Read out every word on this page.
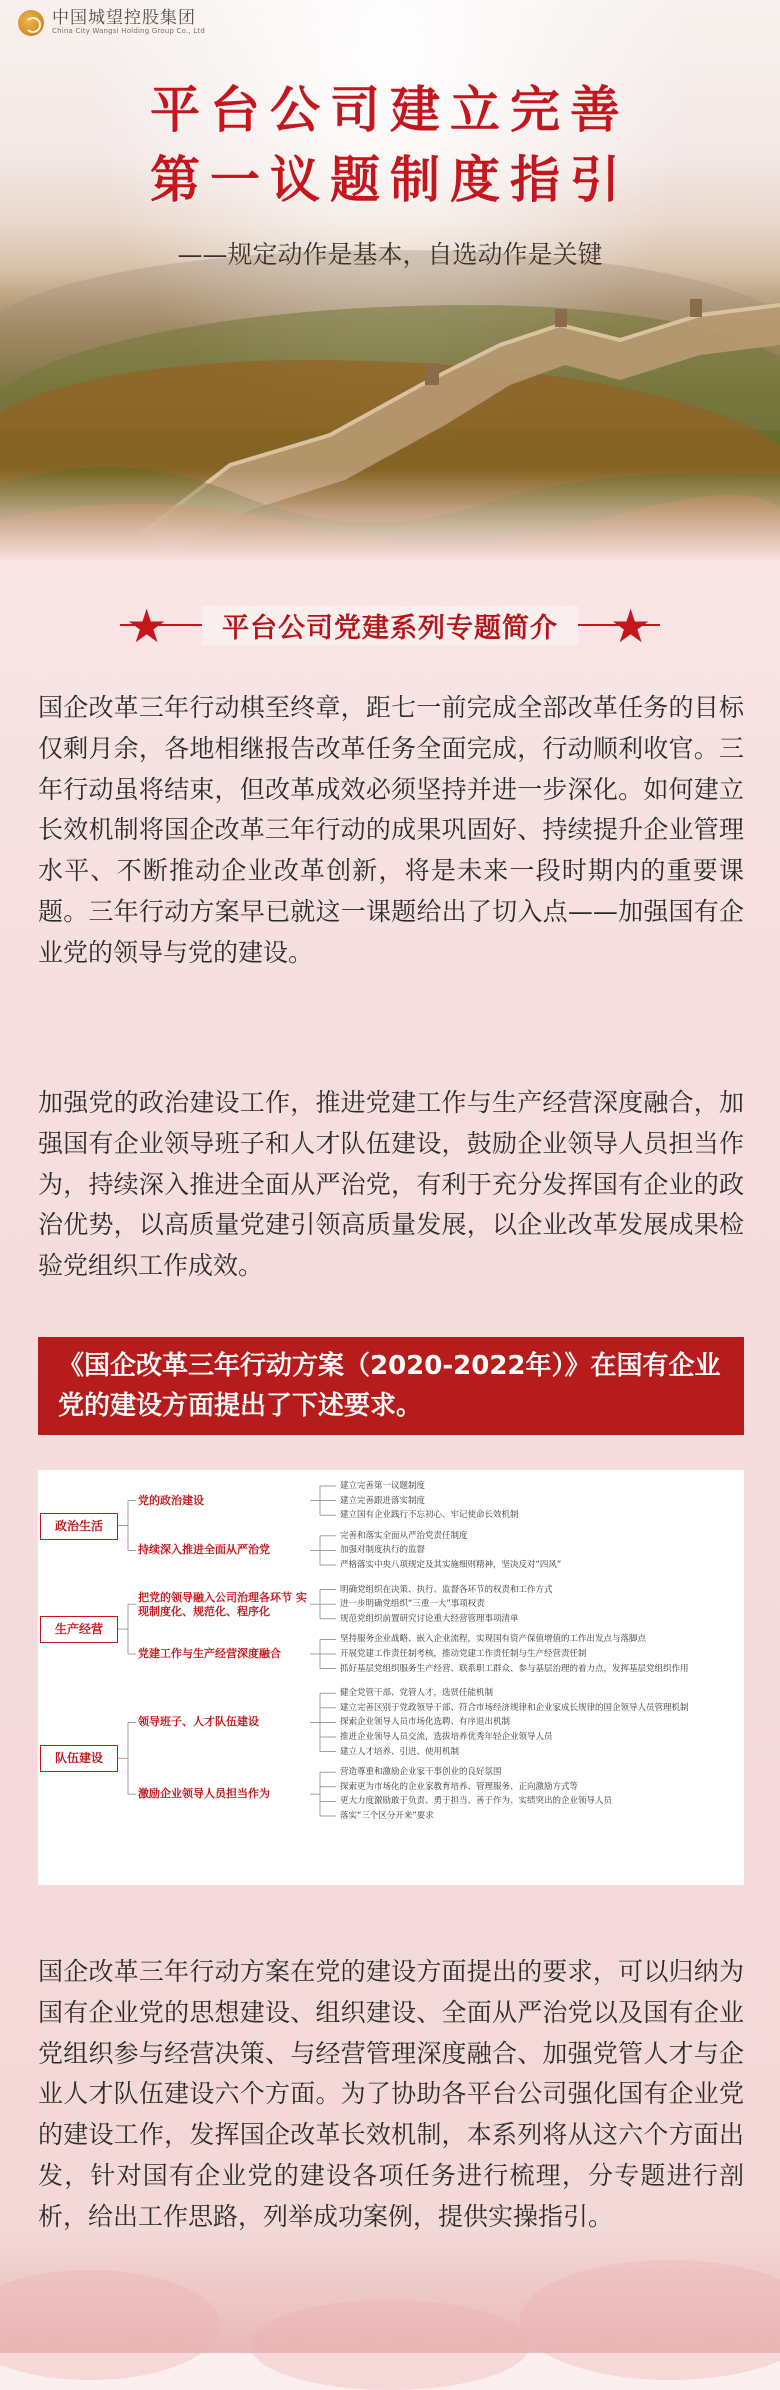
中国城望控股集团
China City Wangsi Holding Group Co., Ltd
平台公司建立完善
第一议题制度指引
——规定动作是基本，自选动作是关键
平台公司党建系列专题简介
★	★

国企改革三年行动棋至终章，距七一前完成全部改革任务的目标仅剩月余，各地相继报告改革任务全面完成，行动顺利收官。三年行动虽将结束，但改革成效必须坚持并进一步深化。如何建立长效机制将国企改革三年行动的成果巩固好、持续提升企业管理水平、不断推动企业改革创新，将是未来一段时期内的重要课题。三年行动方案早已就这一课题给出了切入点——加强国有企业党的领导与党的建设。

加强党的政治建设工作，推进党建工作与生产经营深度融合，加强国有企业领导班子和人才队伍建设，鼓励企业领导人员担当作为，持续深入推进全面从严治党，有利于充分发挥国有企业的政治优势，以高质量党建引领高质量发展，以企业改革发展成果检验党组织工作成效。

《国企改革三年行动方案（2020-2022年）》在国有企业党的建设方面提出了下述要求。
建立完善第一议题制度
建立完善跟进落实制度
建立国有企业践行不忘初心、牢记使命长效机制
党的政治建设
完善和落实全面从严治党责任制度
加强对制度执行的监督
严格落实中央八项规定及其实施细则精神，坚决反对“四风”
持续深入推进全面从严治党
政治生活
明确党组织在决策、执行、监督各环节的权责和工作方式
进一步明确党组织“三重一大”事项权责
规范党组织前置研究讨论重大经营管理事项清单
把党的领导融入公司治理各环节 实现制度化、规范化、程序化
坚持服务企业战略、嵌入企业流程，实现国有资产保值增值的工作出发点与落脚点
开展党建工作责任制考核，推动党建工作责任制与生产经营责任制
抓好基层党组织服务生产经营、联系职工群众、参与基层治理的着力点，发挥基层党组织作用
党建工作与生产经营深度融合
生产经营
健全党管干部、党管人才，选贤任能机制
建立完善区别于党政领导干部、符合市场经济规律和企业家成长规律的国企领导人员管理机制
探索企业领导人员市场化选聘、有序退出机制
推进企业领导人员交流，选拔培养优秀年轻企业领导人员
建立人才培养、引进、使用机制
领导班子、人才队伍建设
营造尊重和激励企业家干事创业的良好氛围
探索更为市场化的企业家教育培养、管理服务、正向激励方式等
更大力度激励敢于负责、勇于担当、善于作为、实绩突出的企业领导人员
落实“三个区分开来”要求
激励企业领导人员担当作为
队伍建设

国企改革三年行动方案在党的建设方面提出的要求，可以归纳为国有企业党的思想建设、组织建设、全面从严治党以及国有企业党组织参与经营决策、与经营管理深度融合、加强党管人才与企业人才队伍建设六个方面。为了协助各平台公司强化国有企业党的建设工作，发挥国企改革长效机制，本系列将从这六个方面出发，针对国有企业党的建设各项任务进行梳理，分专题进行剖析，给出工作思路，列举成功案例，提供实操指引。
